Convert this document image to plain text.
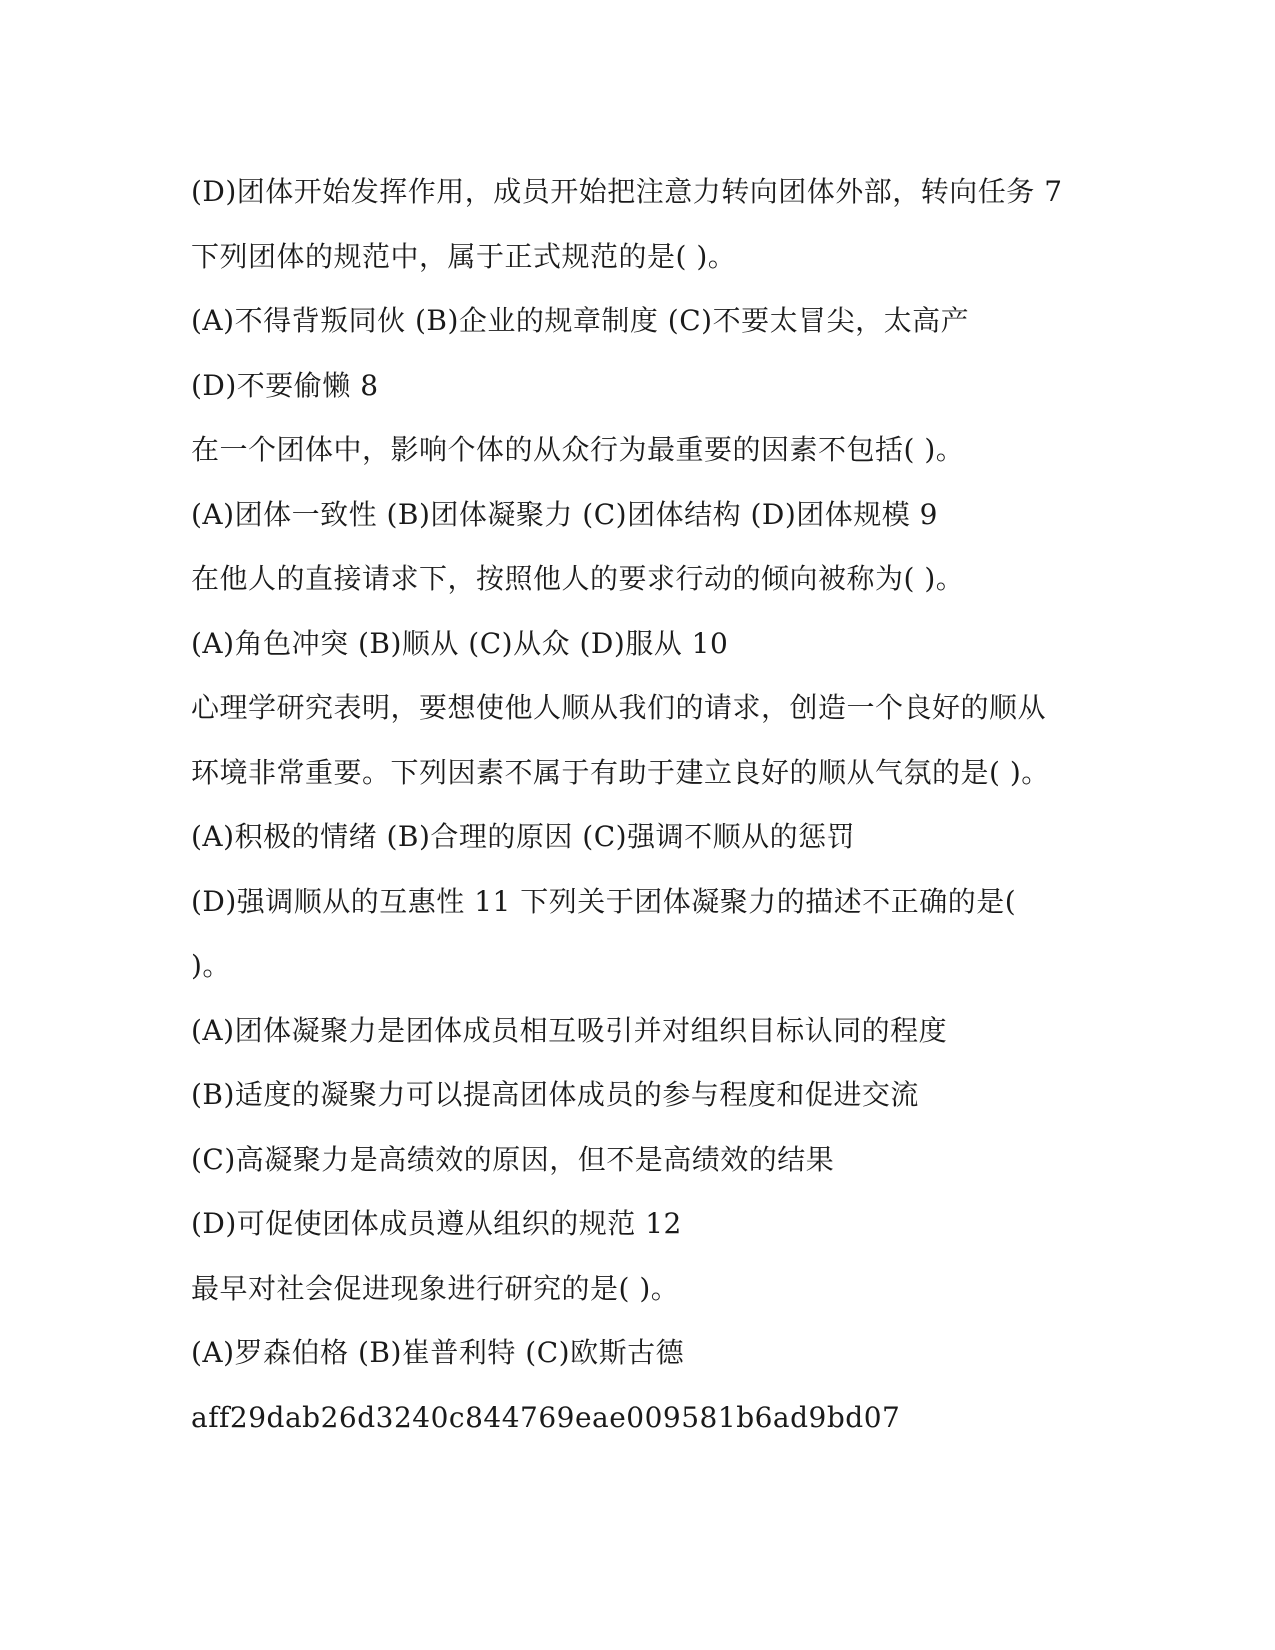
(D)团体开始发挥作用，成员开始把注意力转向团体外部，转向任务 7
下列团体的规范中，属于正式规范的是( )。
(A)不得背叛同伙 (B)企业的规章制度 (C)不要太冒尖，太高产
(D)不要偷懒 8
在一个团体中，影响个体的从众行为最重要的因素不包括( )。
(A)团体一致性 (B)团体凝聚力 (C)团体结构 (D)团体规模 9
在他人的直接请求下，按照他人的要求行动的倾向被称为( )。
(A)角色冲突 (B)顺从 (C)从众 (D)服从 10
心理学研究表明，要想使他人顺从我们的请求，创造一个良好的顺从
环境非常重要。下列因素不属于有助于建立良好的顺从气氛的是( )。
(A)积极的情绪 (B)合理的原因 (C)强调不顺从的惩罚
(D)强调顺从的互惠性 11 下列关于团体凝聚力的描述不正确的是(
)。
(A)团体凝聚力是团体成员相互吸引并对组织目标认同的程度
(B)适度的凝聚力可以提高团体成员的参与程度和促进交流
(C)高凝聚力是高绩效的原因，但不是高绩效的结果
(D)可促使团体成员遵从组织的规范 12
最早对社会促进现象进行研究的是( )。
(A)罗森伯格 (B)崔普利特 (C)欧斯古德
aff29dab26d3240c844769eae009581b6ad9bd07
